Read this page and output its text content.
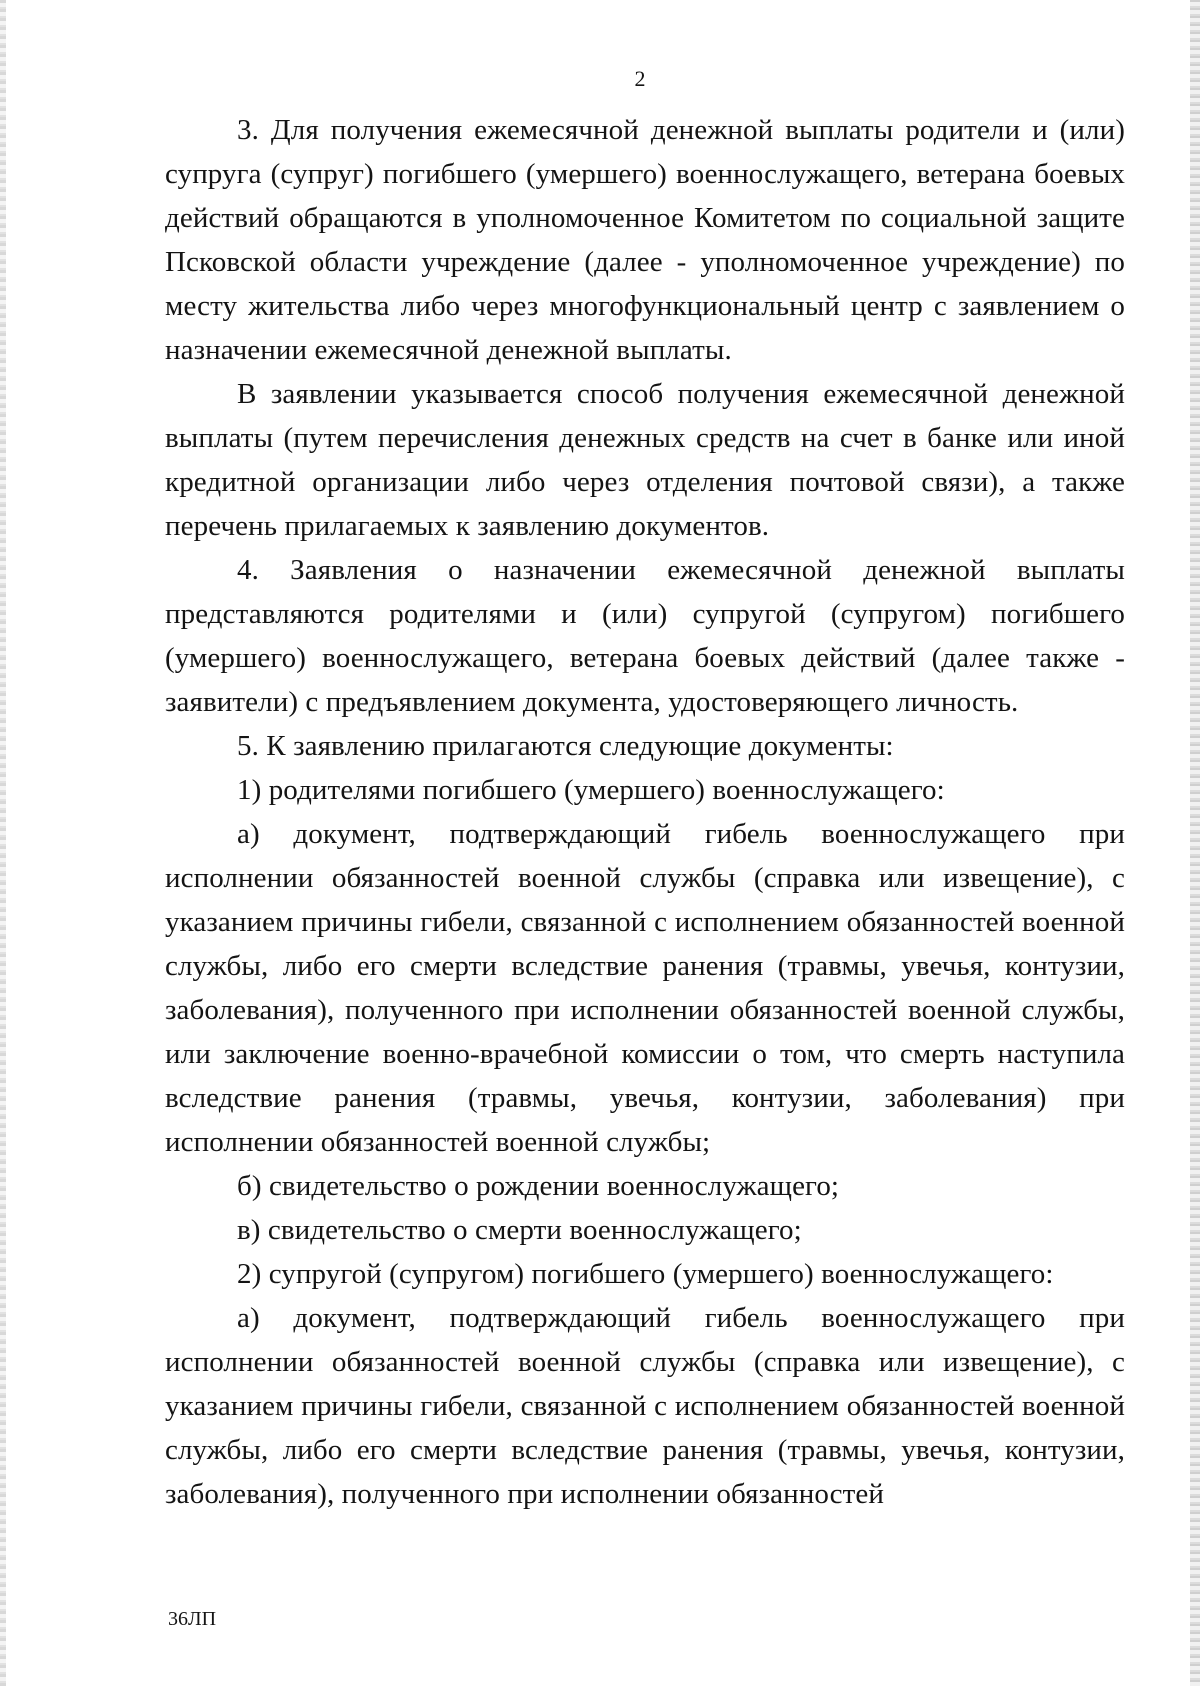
2

3. Для получения ежемесячной денежной выплаты родители и (или) супруга (супруг) погибшего (умершего) военнослужащего, ветерана боевых действий обращаются в уполномоченное Комитетом по социальной защите Псковской области учреждение (далее - уполномоченное учреждение) по месту жительства либо через многофункциональный центр с заявлением о назначении ежемесячной денежной выплаты.

В заявлении указывается способ получения ежемесячной денежной выплаты (путем перечисления денежных средств на счет в банке или иной кредитной организации либо через отделения почтовой связи), а также перечень прилагаемых к заявлению документов.

4. Заявления о назначении ежемесячной денежной выплаты представляются родителями и (или) супругой (супругом) погибшего (умершего) военнослужащего, ветерана боевых действий (далее также - заявители) с предъявлением документа, удостоверяющего личность.

5. К заявлению прилагаются следующие документы:

1) родителями погибшего (умершего) военнослужащего:

а) документ, подтверждающий гибель военнослужащего при исполнении обязанностей военной службы (справка или извещение), с указанием причины гибели, связанной с исполнением обязанностей военной службы, либо его смерти вследствие ранения (травмы, увечья, контузии, заболевания), полученного при исполнении обязанностей военной службы, или заключение военно-врачебной комиссии о том, что смерть наступила вследствие ранения (травмы, увечья, контузии, заболевания) при исполнении обязанностей военной службы;

б) свидетельство о рождении военнослужащего;

в) свидетельство о смерти военнослужащего;

2) супругой (супругом) погибшего (умершего) военнослужащего:

а) документ, подтверждающий гибель военнослужащего при исполнении обязанностей военной службы (справка или извещение), с указанием причины гибели, связанной с исполнением обязанностей военной службы, либо его смерти вследствие ранения (травмы, увечья, контузии, заболевания), полученного при исполнении обязанностей

36ЛП
